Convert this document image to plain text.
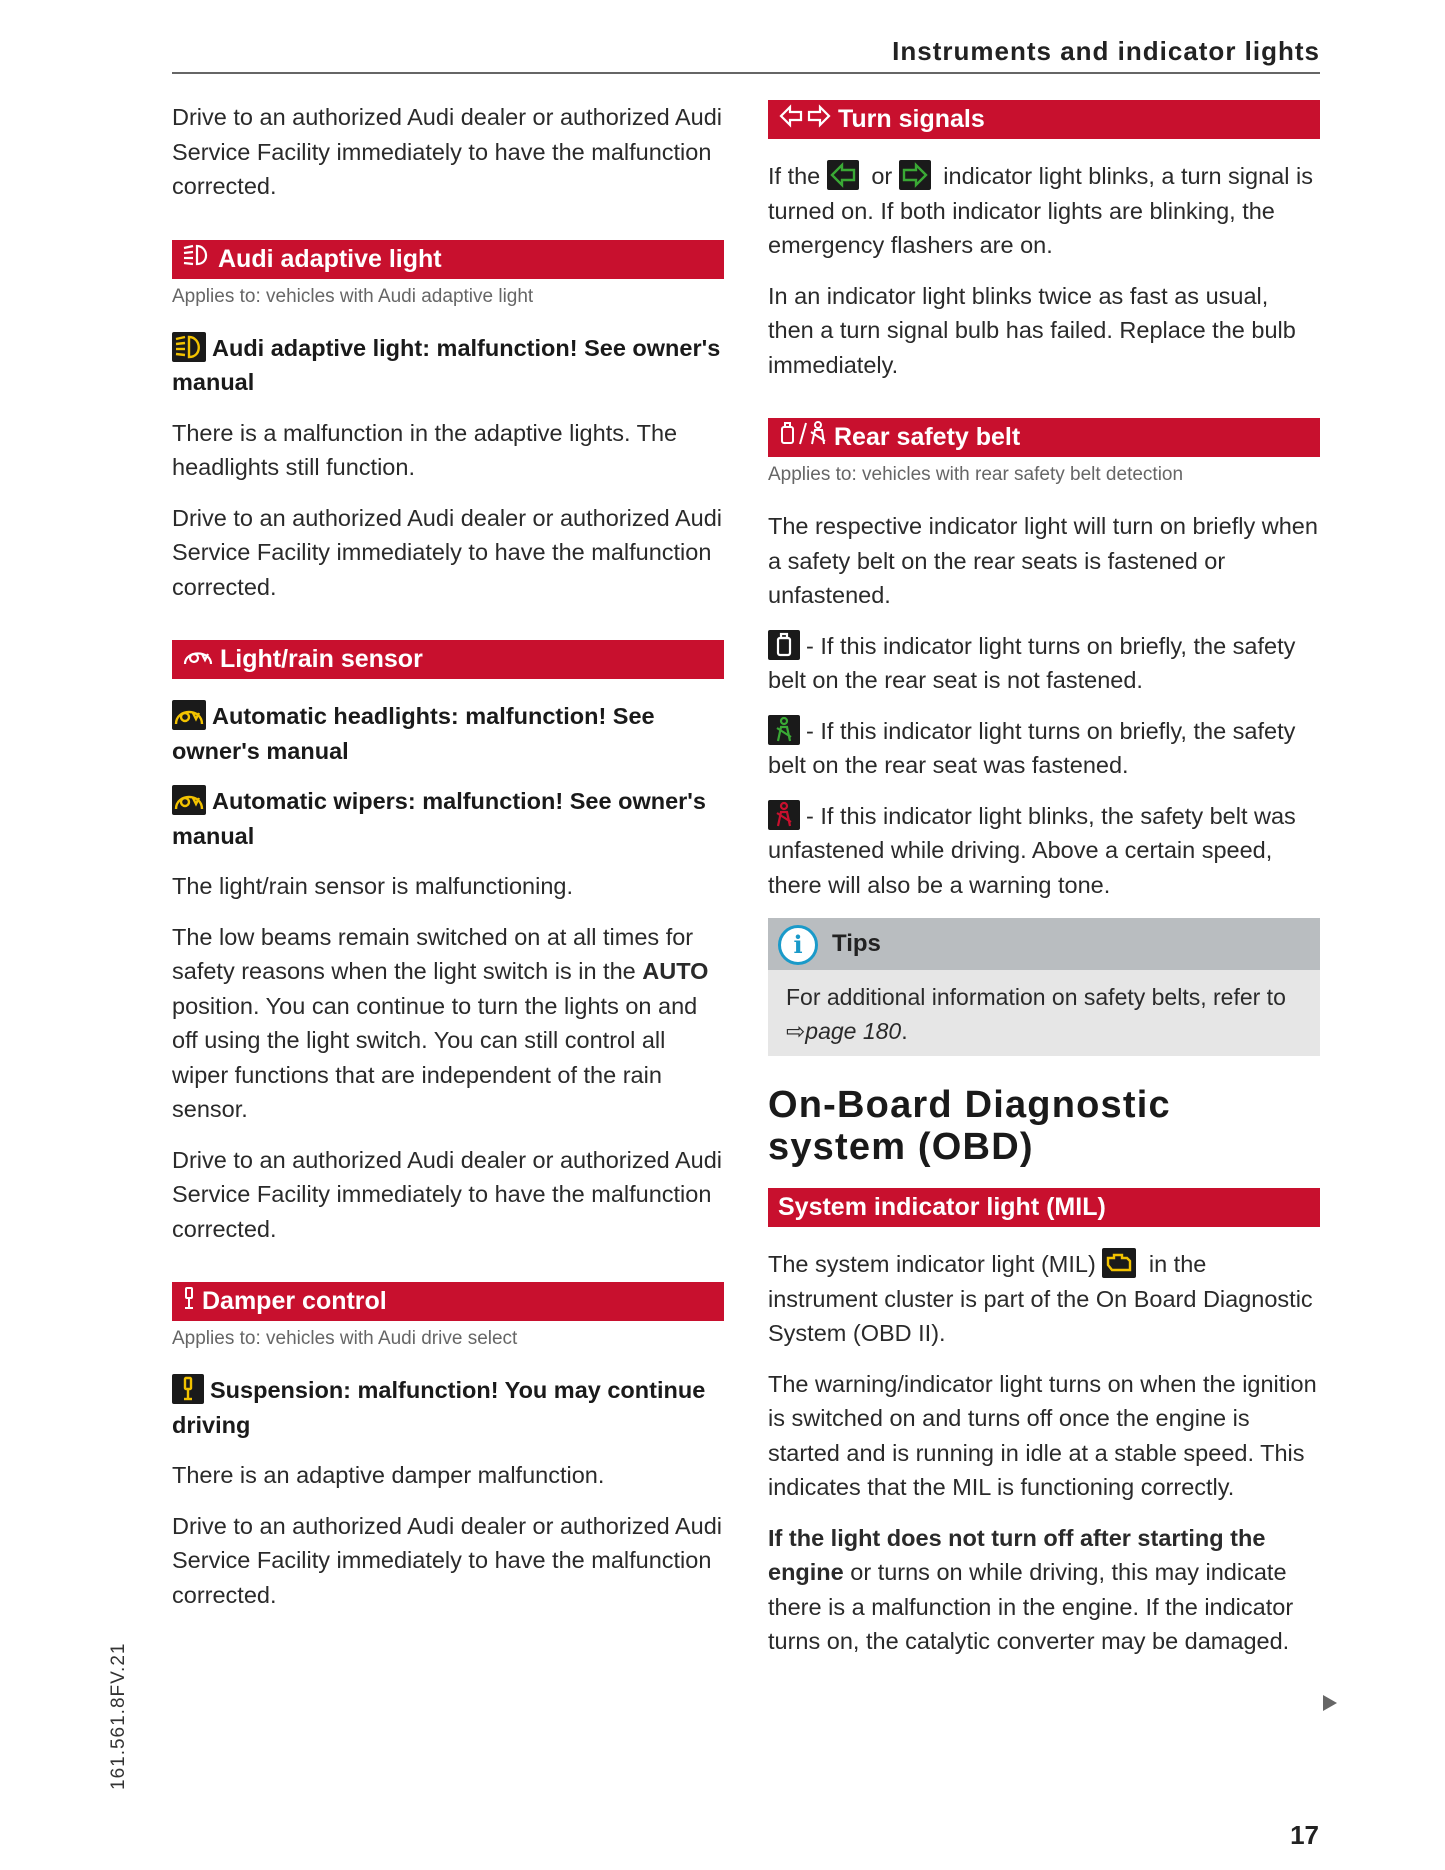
Instruments and indicator lights

Drive to an authorized Audi dealer or authorized Audi Service Facility immediately to have the malfunction corrected.

Audi adaptive light
Applies to: vehicles with Audi adaptive light
Audi adaptive light: malfunction! See owner's manual

There is a malfunction in the adaptive lights. The headlights still function.

Drive to an authorized Audi dealer or authorized Audi Service Facility immediately to have the malfunction corrected.

Light/rain sensor
Automatic headlights: malfunction! See owner's manual
Automatic wipers: malfunction! See owner's manual

The light/rain sensor is malfunctioning.

The low beams remain switched on at all times for safety reasons when the light switch is in the AUTO position. You can continue to turn the lights on and off using the light switch. You can still control all wiper functions that are independent of the rain sensor.

Drive to an authorized Audi dealer or authorized Audi Service Facility immediately to have the malfunction corrected.

Damper control
Applies to: vehicles with Audi drive select
Suspension: malfunction! You may continue driving

There is an adaptive damper malfunction.

Drive to an authorized Audi dealer or authorized Audi Service Facility immediately to have the malfunction corrected.

Turn signals

If the or indicator light blinks, a turn signal is turned on. If both indicator lights are blinking, the emergency flashers are on.

In an indicator light blinks twice as fast as usual, then a turn signal bulb has failed. Replace the bulb immediately.

Rear safety belt
Applies to: vehicles with rear safety belt detection

The respective indicator light will turn on briefly when a safety belt on the rear seats is fastened or unfastened.

- If this indicator light turns on briefly, the safety belt on the rear seat is not fastened.

- If this indicator light turns on briefly, the safety belt on the rear seat was fastened.

- If this indicator light blinks, the safety belt was unfastened while driving. Above a certain speed, there will also be a warning tone.

i Tips
For additional information on safety belts, refer to ⇨page 180.
On-Board Diagnostic system (OBD)
System indicator light (MIL)

The system indicator light (MIL) in the instrument cluster is part of the On Board Diagnostic System (OBD II).

The warning/indicator light turns on when the ignition is switched on and turns off once the engine is started and is running in idle at a stable speed. This indicates that the MIL is functioning correctly.

If the light does not turn off after starting the engine or turns on while driving, this may indicate there is a malfunction in the engine. If the indicator turns on, the catalytic converter may be damaged.

161.561.8FV.21
17
